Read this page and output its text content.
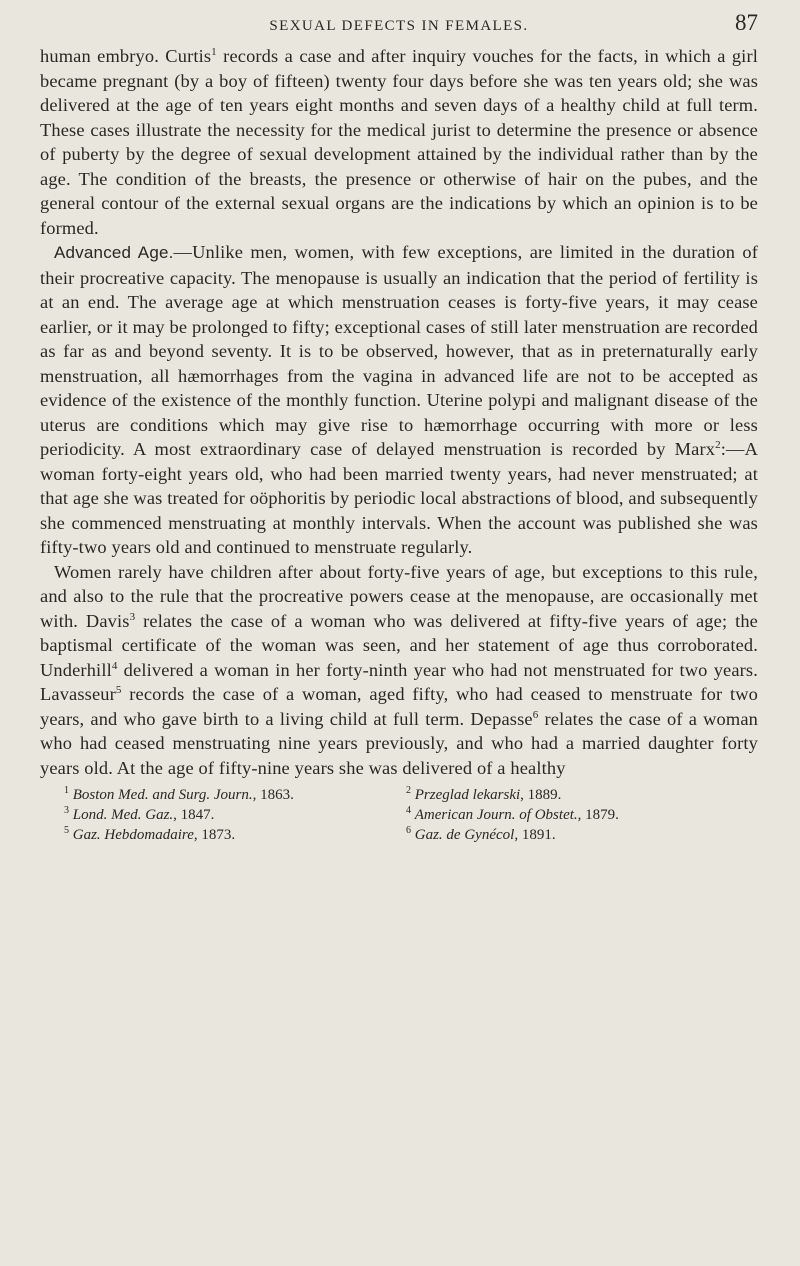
SEXUAL DEFECTS IN FEMALES.	87

human embryo. Curtis$^1$ records a case and after inquiry vouches for the facts, in which a girl became pregnant (by a boy of fifteen) twenty four days before she was ten years old; she was delivered at the age of ten years eight months and seven days of a healthy child at full term. These cases illustrate the necessity for the medical jurist to determine the presence or absence of puberty by the degree of sexual development attained by the individual rather than by the age. The condition of the breasts, the presence or otherwise of hair on the pubes, and the general contour of the external sexual organs are the indications by which an opinion is to be formed.

Advanced Age.—Unlike men, women, with few exceptions, are limited in the duration of their procreative capacity. The menopause is usually an indication that the period of fertility is at an end. The average age at which menstruation ceases is forty-five years, it may cease earlier, or it may be prolonged to fifty; exceptional cases of still later menstruation are recorded as far as and beyond seventy. It is to be observed, however, that as in preternaturally early menstruation, all hæmorrhages from the vagina in advanced life are not to be accepted as evidence of the existence of the monthly function. Uterine polypi and malignant disease of the uterus are conditions which may give rise to hæmorrhage occurring with more or less periodicity. A most extraordinary case of delayed menstruation is recorded by Marx$^2$:—A woman forty-eight years old, who had been married twenty years, had never menstruated; at that age she was treated for oöphoritis by periodic local abstractions of blood, and subsequently she commenced menstruating at monthly intervals. When the account was published she was fifty-two years old and continued to menstruate regularly.

Women rarely have children after about forty-five years of age, but exceptions to this rule, and also to the rule that the procreative powers cease at the menopause, are occasionally met with. Davis$^3$ relates the case of a woman who was delivered at fifty-five years of age; the baptismal certificate of the woman was seen, and her statement of age thus corroborated. Underhill$^4$ delivered a woman in her forty-ninth year who had not menstruated for two years. Lavasseur$^5$ records the case of a woman, aged fifty, who had ceased to menstruate for two years, and who gave birth to a living child at full term. Depasse$^6$ relates the case of a woman who had ceased menstruating nine years previously, and who had a married daughter forty years old. At the age of fifty-nine years she was delivered of a healthy

$^1$ Boston Med. and Surg. Journ., 1863.	$^2$ Przeglad lekarski, 1889.
$^3$ Lond. Med. Gaz., 1847.	$^4$ American Journ. of Obstet., 1879.
$^5$ Gaz. Hebdomadaire, 1873.	$^6$ Gaz. de Gynécol, 1891.
